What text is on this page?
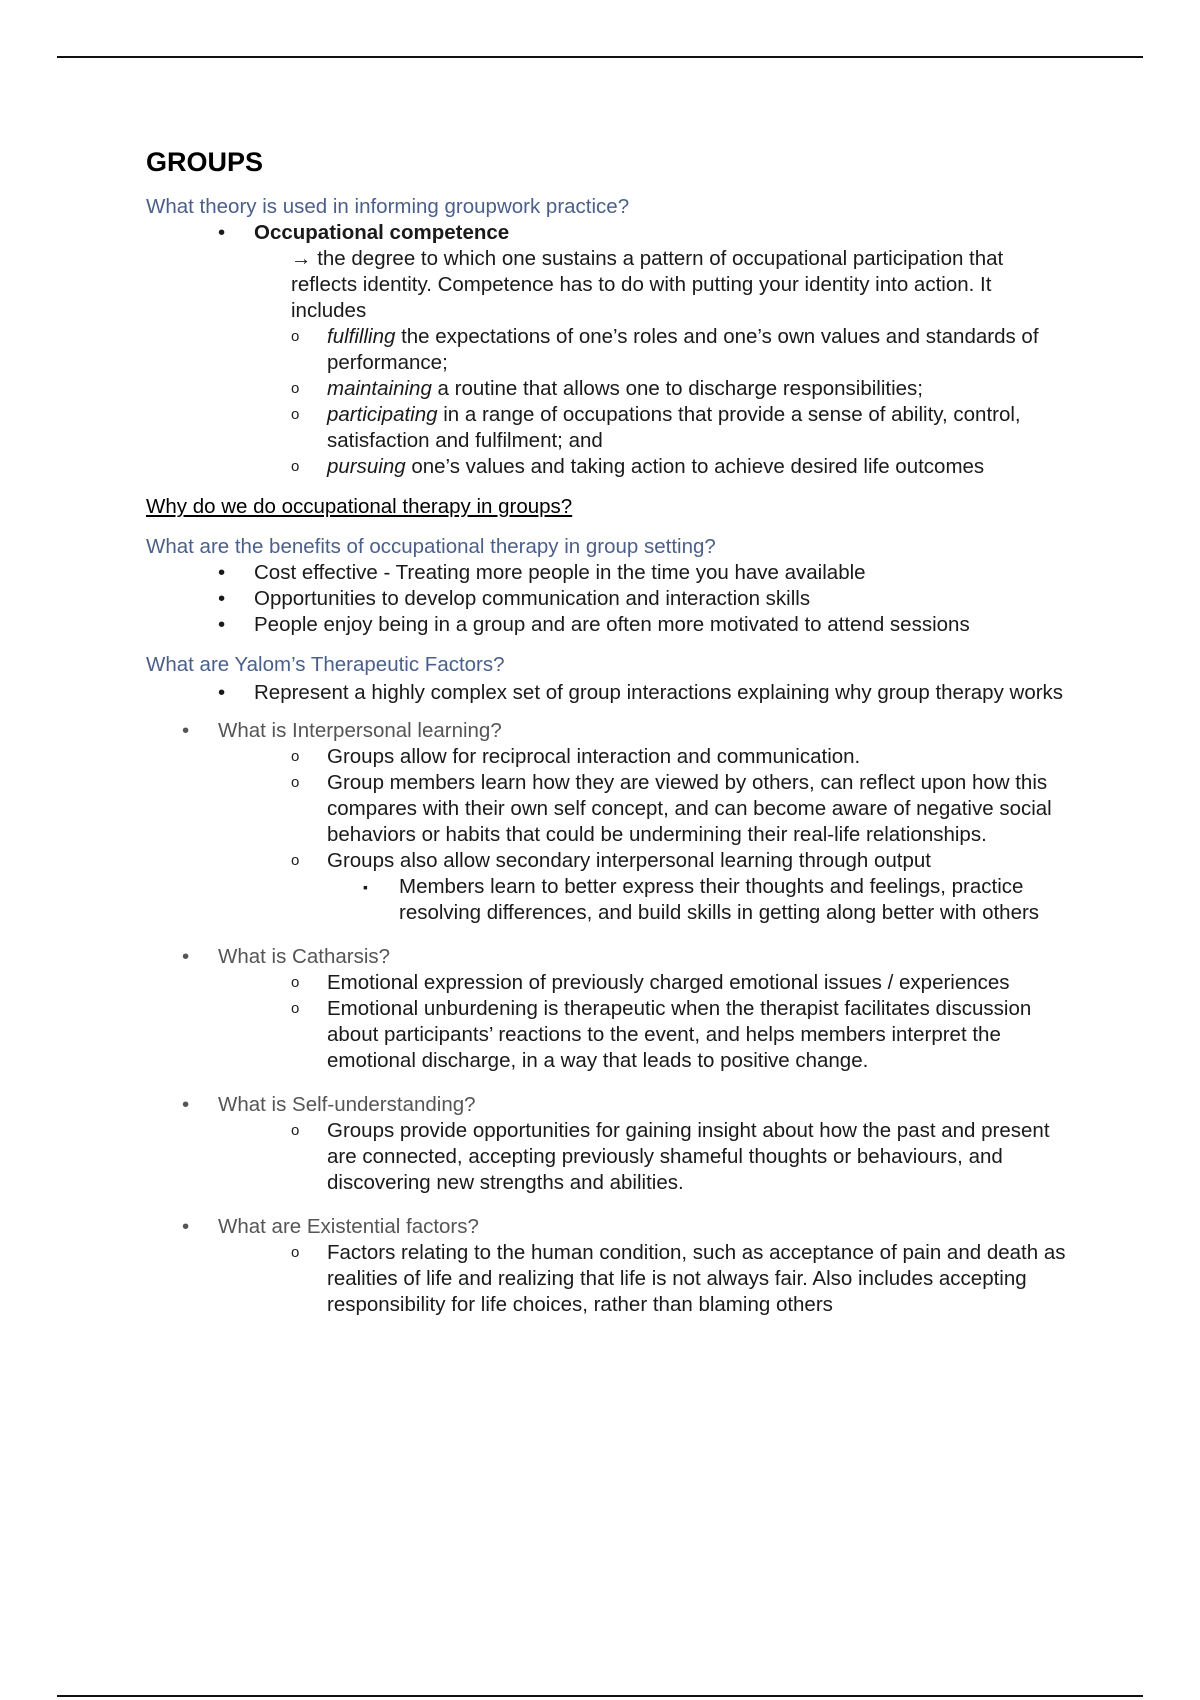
GROUPS
What theory is used in informing groupwork practice?
• Occupational competence
→ the degree to which one sustains a pattern of occupational participation that reflects identity. Competence has to do with putting your identity into action. It includes
o fulfilling the expectations of one’s roles and one’s own values and standards of performance;
o maintaining a routine that allows one to discharge responsibilities;
o participating in a range of occupations that provide a sense of ability, control, satisfaction and fulfilment; and
o pursuing one’s values and taking action to achieve desired life outcomes
Why do we do occupational therapy in groups?
What are the benefits of occupational therapy in group setting?
• Cost effective - Treating more people in the time you have available
• Opportunities to develop communication and interaction skills
• People enjoy being in a group and are often more motivated to attend sessions
What are Yalom’s Therapeutic Factors?
• Represent a highly complex set of group interactions explaining why group therapy works
• What is Interpersonal learning?
o Groups allow for reciprocal interaction and communication.
o Group members learn how they are viewed by others, can reflect upon how this compares with their own self concept, and can become aware of negative social behaviors or habits that could be undermining their real-life relationships.
o Groups also allow secondary interpersonal learning through output
▪ Members learn to better express their thoughts and feelings, practice resolving differences, and build skills in getting along better with others
• What is Catharsis?
o Emotional expression of previously charged emotional issues / experiences
o Emotional unburdening is therapeutic when the therapist facilitates discussion about participants’ reactions to the event, and helps members interpret the emotional discharge, in a way that leads to positive change.
• What is Self-understanding?
o Groups provide opportunities for gaining insight about how the past and present are connected, accepting previously shameful thoughts or behaviours, and discovering new strengths and abilities.
• What are Existential factors?
o Factors relating to the human condition, such as acceptance of pain and death as realities of life and realizing that life is not always fair. Also includes accepting responsibility for life choices, rather than blaming others
